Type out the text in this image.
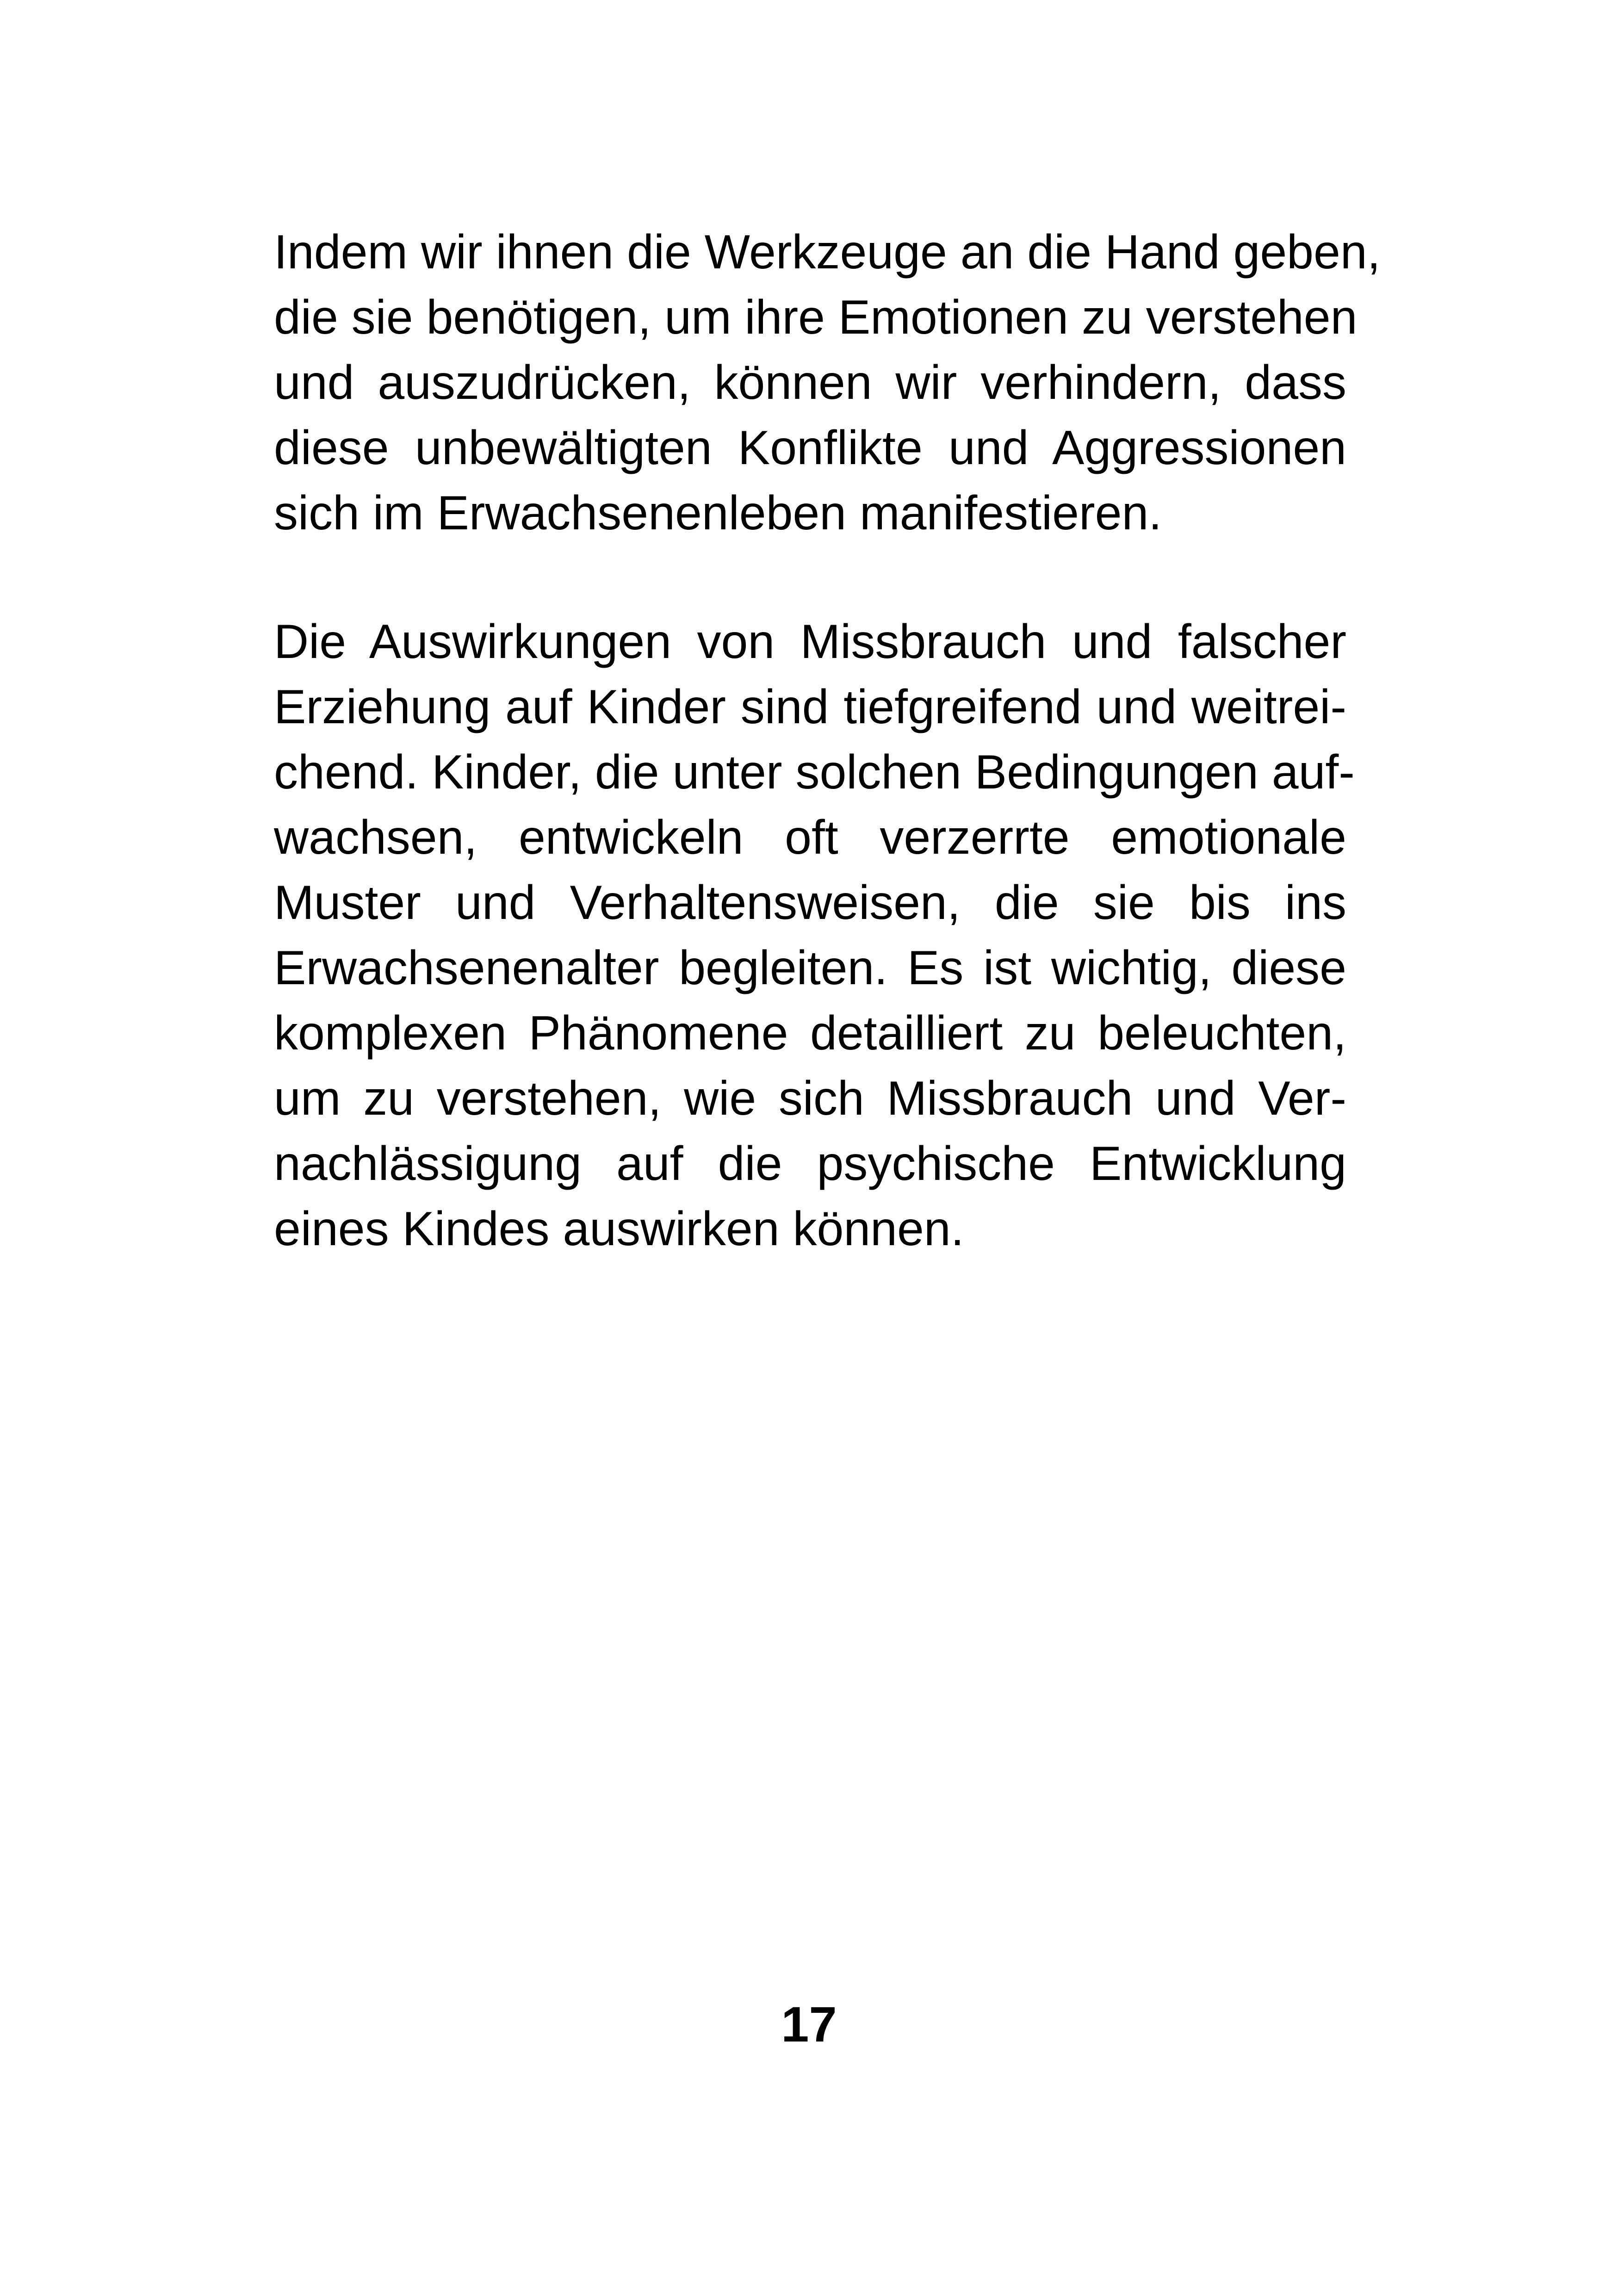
Indem wir ihnen die Werkzeuge an die Hand geben,
die sie benötigen, um ihre Emotionen zu verstehen
und auszudrücken, können wir verhindern, dass
diese unbewältigten Konflikte und Aggressionen
sich im Erwachsenenleben manifestieren.
Die Auswirkungen von Missbrauch und falscher
Erziehung auf Kinder sind tiefgreifend und weitrei-
chend. Kinder, die unter solchen Bedingungen auf-
wachsen, entwickeln oft verzerrte emotionale
Muster und Verhaltensweisen, die sie bis ins
Erwachsenenalter begleiten. Es ist wichtig, diese
komplexen Phänomene detailliert zu beleuchten,
um zu verstehen, wie sich Missbrauch und Ver-
nachlässigung auf die psychische Entwicklung
eines Kindes auswirken können.
17
